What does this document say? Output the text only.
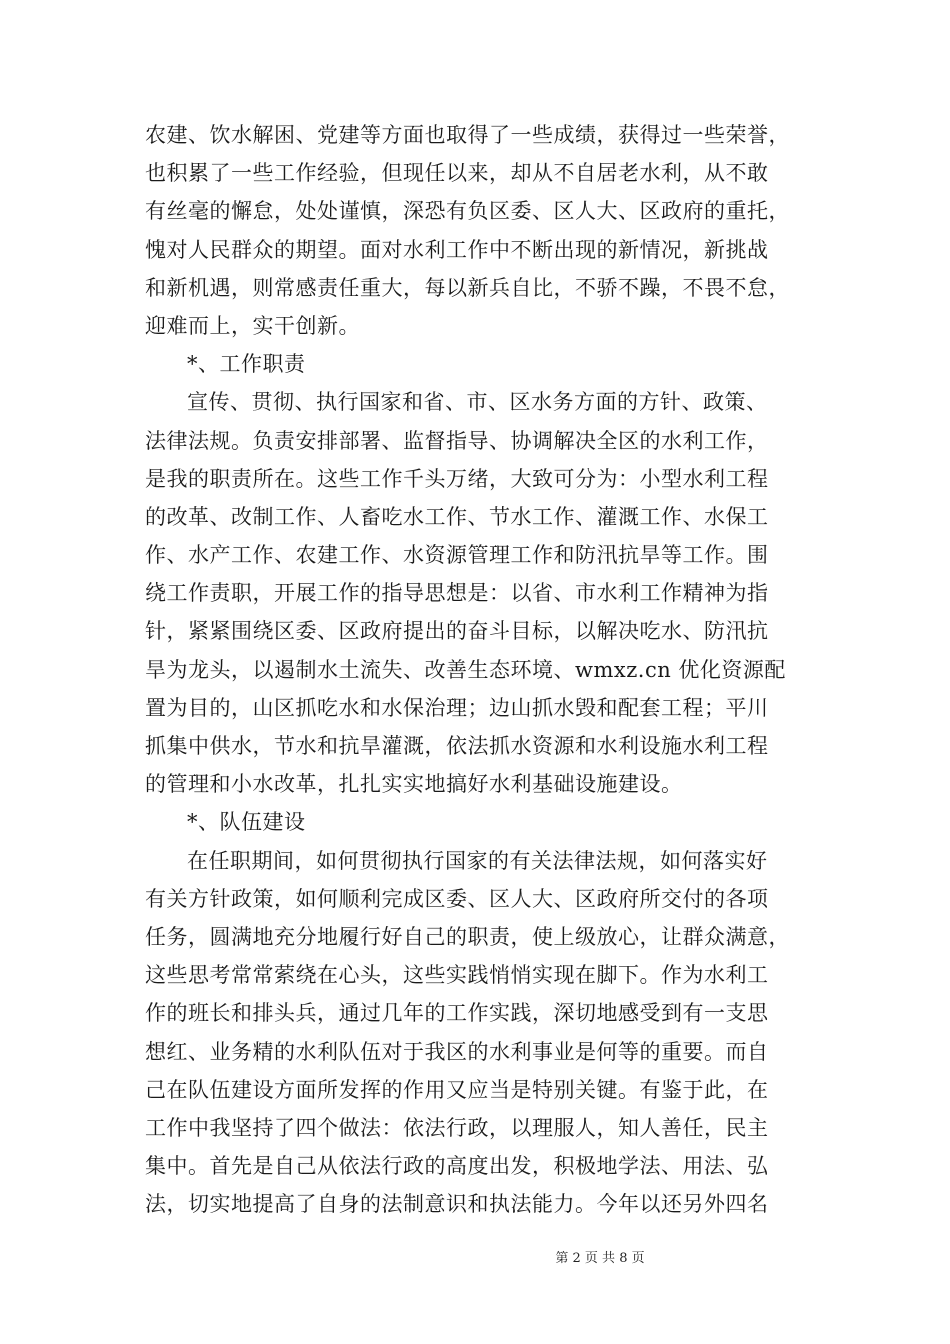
农建、饮水解困、党建等方面也取得了一些成绩，获得过一些荣誉，
也积累了一些工作经验，但现任以来，却从不自居老水利，从不敢
有丝毫的懈怠，处处谨慎，深恐有负区委、区人大、区政府的重托，
愧对人民群众的期望。面对水利工作中不断出现的新情况，新挑战
和新机遇，则常感责任重大，每以新兵自比，不骄不躁，不畏不怠，
迎难而上，实干创新。
*、工作职责
宣传、贯彻、执行国家和省、市、区水务方面的方针、政策、
法律法规。负责安排部署、监督指导、协调解决全区的水利工作，
是我的职责所在。这些工作千头万绪，大致可分为：小型水利工程
的改革、改制工作、人畜吃水工作、节水工作、灌溉工作、水保工
作、水产工作、农建工作、水资源管理工作和防汛抗旱等工作。围
绕工作责职，开展工作的指导思想是：以省、市水利工作精神为指
针，紧紧围绕区委、区政府提出的奋斗目标，以解决吃水、防汛抗
旱为龙头，以遏制水土流失、改善生态环境、wmxz.cn 优化资源配
置为目的，山区抓吃水和水保治理；边山抓水毁和配套工程；平川
抓集中供水，节水和抗旱灌溉，依法抓水资源和水利设施水利工程
的管理和小水改革，扎扎实实地搞好水利基础设施建设。
*、队伍建设
在任职期间，如何贯彻执行国家的有关法律法规，如何落实好
有关方针政策，如何顺利完成区委、区人大、区政府所交付的各项
任务，圆满地充分地履行好自己的职责，使上级放心，让群众满意，
这些思考常常萦绕在心头，这些实践悄悄实现在脚下。作为水利工
作的班长和排头兵，通过几年的工作实践，深切地感受到有一支思
想红、业务精的水利队伍对于我区的水利事业是何等的重要。而自
己在队伍建设方面所发挥的作用又应当是特别关键。有鉴于此，在
工作中我坚持了四个做法：依法行政，以理服人，知人善任，民主
集中。首先是自己从依法行政的高度出发，积极地学法、用法、弘
法，切实地提高了自身的法制意识和执法能力。今年以还另外四名
第 2 页 共 8 页
